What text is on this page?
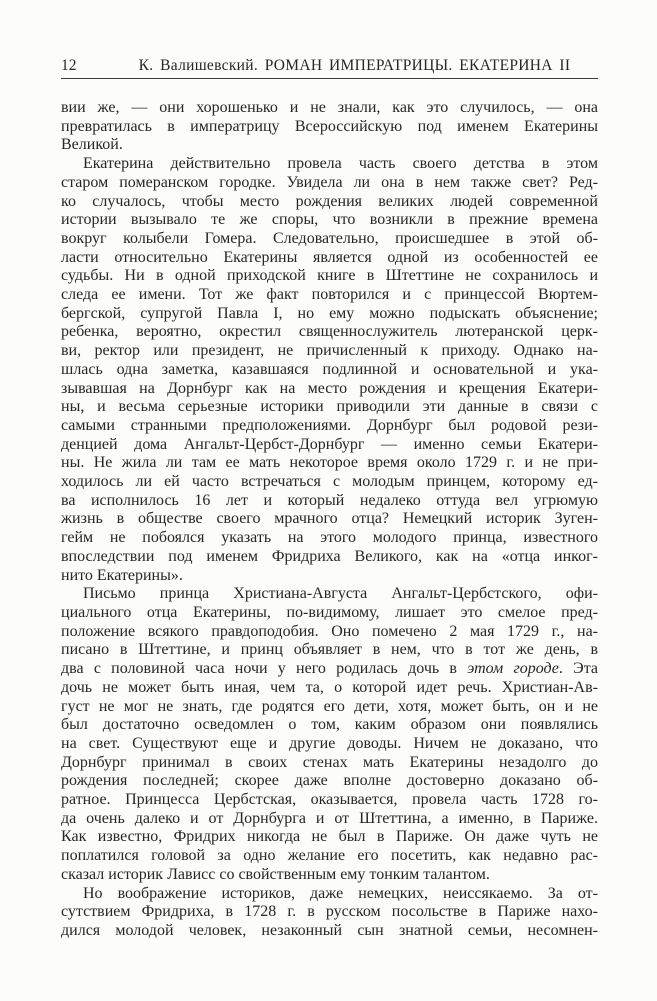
12	К. Валишевский. РОМАН ИМПЕРАТРИЦЫ. ЕКАТЕРИНА II
вии же, — они хорошенько и не знали, как это случилось, — она
превратилась в императрицу Всероссийскую под именем Екатерины
Великой.
Екатерина действительно провела часть своего детства в этом
старом померанском городке. Увидела ли она в нем также свет? Ред-
ко случалось, чтобы место рождения великих людей современной
истории вызывало те же споры, что возникли в прежние времена
вокруг колыбели Гомера. Следовательно, происшедшее в этой об-
ласти относительно Екатерины является одной из особенностей ее
судьбы. Ни в одной приходской книге в Штеттине не сохранилось и
следа ее имени. Тот же факт повторился и с принцессой Вюртем-
бергской, супругой Павла I, но ему можно подыскать объяснение;
ребенка, вероятно, окрестил священнослужитель лютеранской церк-
ви, ректор или президент, не причисленный к приходу. Однако на-
шлась одна заметка, казавшаяся подлинной и основательной и ука-
зывавшая на Дорнбург как на место рождения и крещения Екатери-
ны, и весьма серьезные историки приводили эти данные в связи с
самыми странными предположениями. Дорнбург был родовой рези-
денцией дома Ангальт-Цербст-Дорнбург — именно семьи Екатери-
ны. Не жила ли там ее мать некоторое время около 1729 г. и не при-
ходилось ли ей часто встречаться с молодым принцем, которому ед-
ва исполнилось 16 лет и который недалеко оттуда вел угрюмую
жизнь в обществе своего мрачного отца? Немецкий историк Зуген-
гейм не побоялся указать на этого молодого принца, известного
впоследствии под именем Фридриха Великого, как на «отца инког-
нито Екатерины».
Письмо принца Христиана-Августа Ангальт-Цербстского, офи-
циального отца Екатерины, по-видимому, лишает это смелое пред-
положение всякого правдоподобия. Оно помечено 2 мая 1729 г., на-
писано в Штеттине, и принц объявляет в нем, что в тот же день, в
два с половиной часа ночи у него родилась дочь в этом городе. Эта
дочь не может быть иная, чем та, о которой идет речь. Христиан-Ав-
густ не мог не знать, где родятся его дети, хотя, может быть, он и не
был достаточно осведомлен о том, каким образом они появлялись
на свет. Существуют еще и другие доводы. Ничем не доказано, что
Дорнбург принимал в своих стенах мать Екатерины незадолго до
рождения последней; скорее даже вполне достоверно доказано об-
ратное. Принцесса Цербстская, оказывается, провела часть 1728 го-
да очень далеко и от Дорнбурга и от Штеттина, а именно, в Париже.
Как известно, Фридрих никогда не был в Париже. Он даже чуть не
поплатился головой за одно желание его посетить, как недавно рас-
сказал историк Лависс со свойственным ему тонким талантом.
Но воображение историков, даже немецких, неиссякаемо. За от-
сутствием Фридриха, в 1728 г. в русском посольстве в Париже нахо-
дился молодой человек, незаконный сын знатной семьи, несомнен-
